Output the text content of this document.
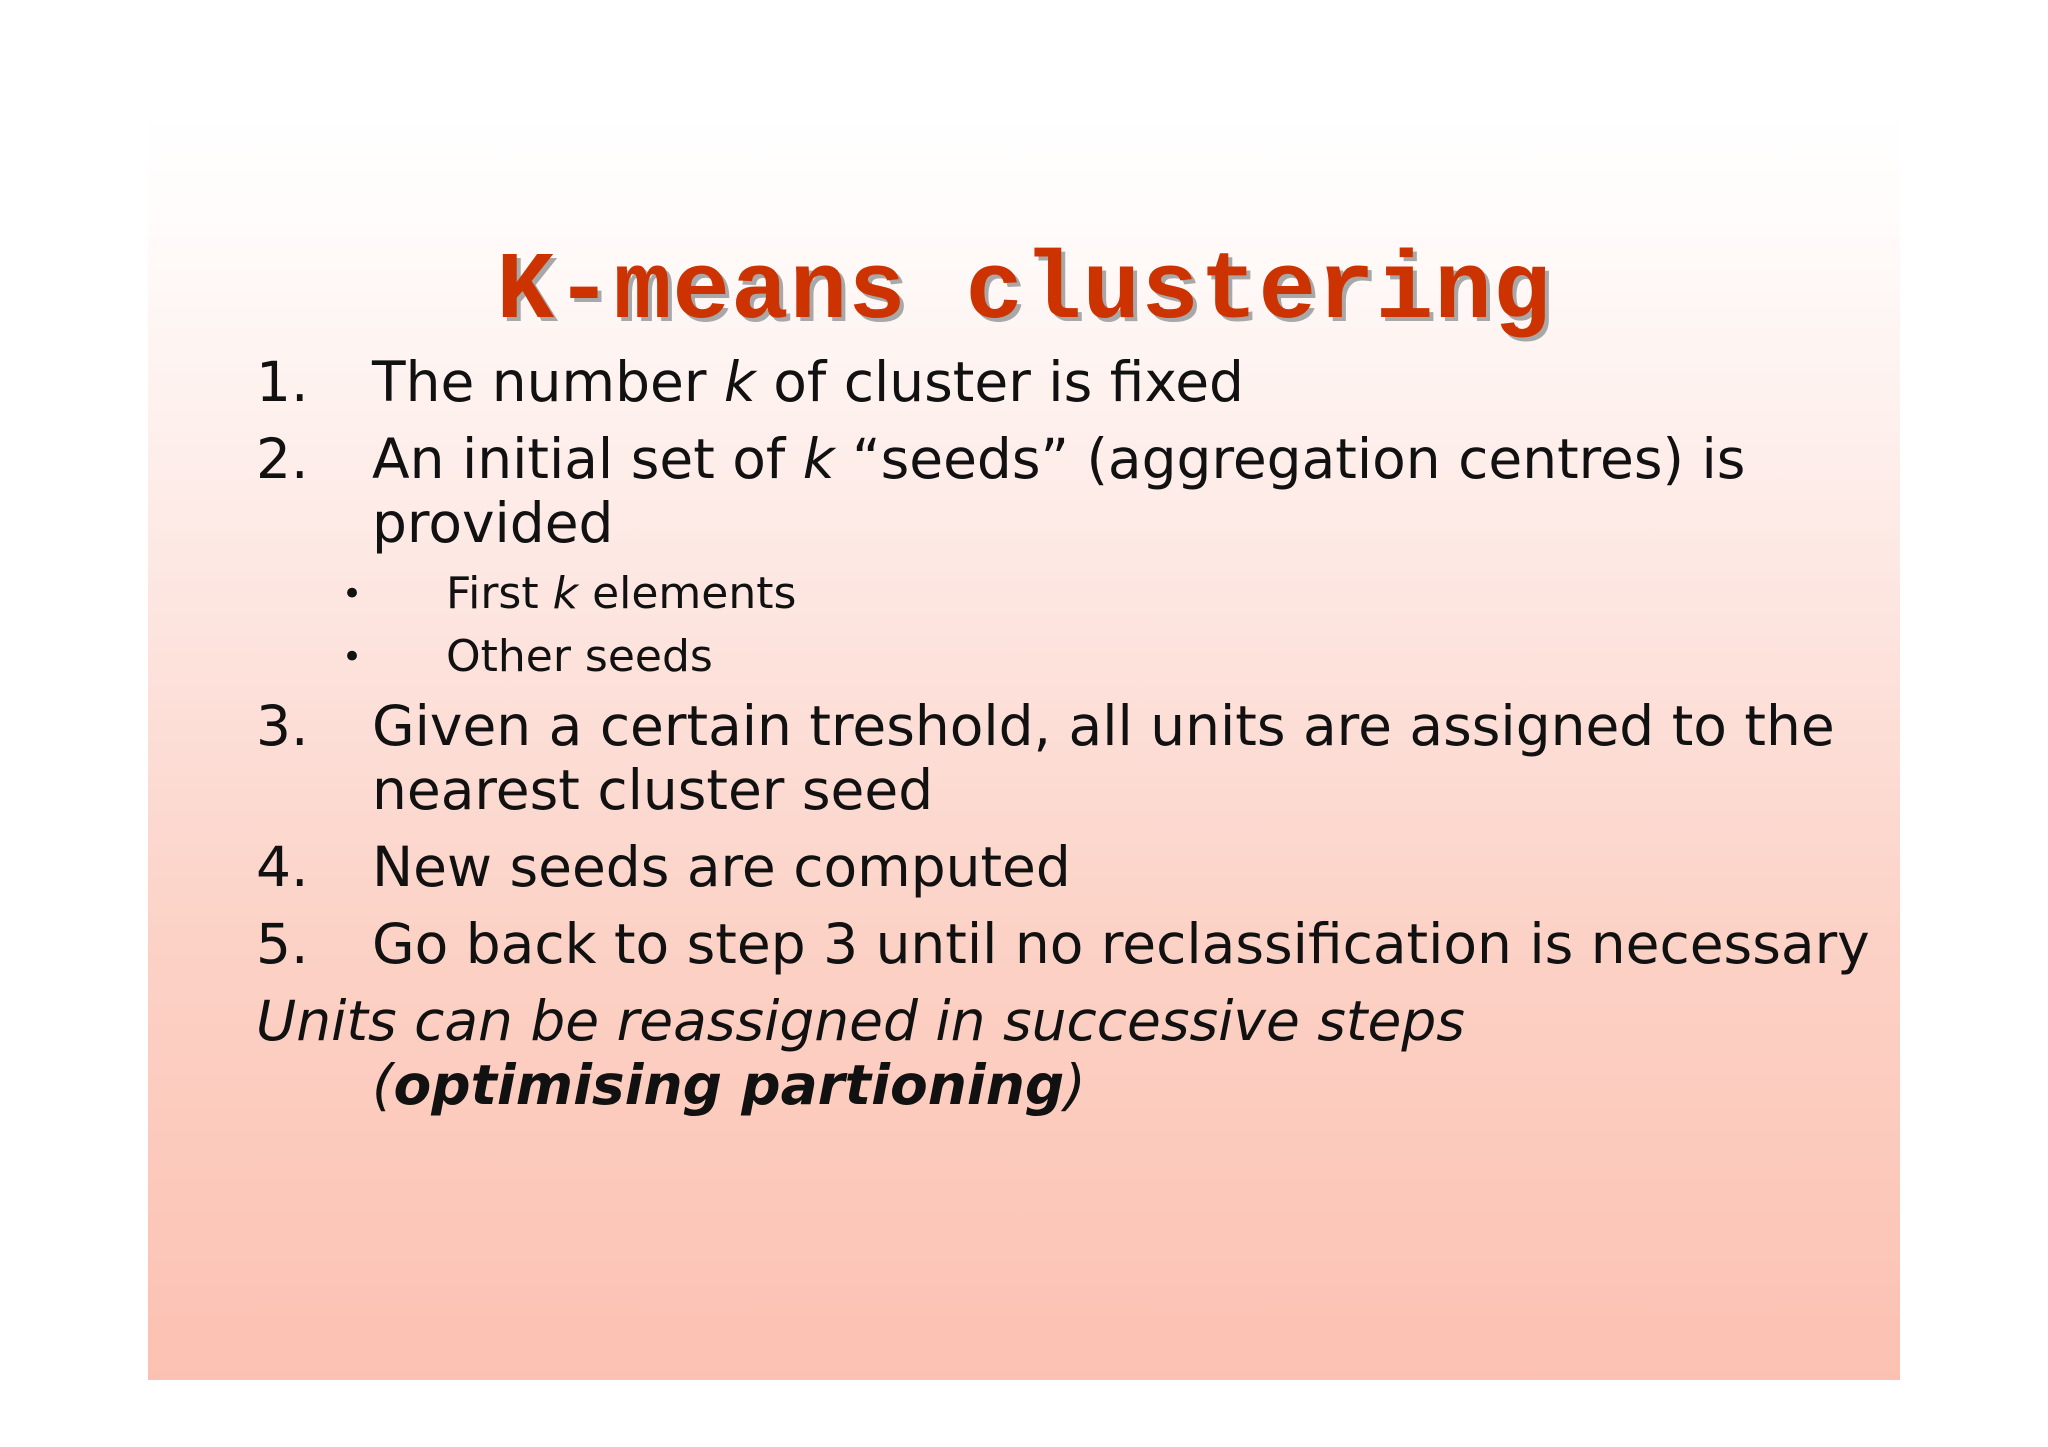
K-means clustering
1. The number k of cluster is fixed
2. An initial set of k “seeds” (aggregation centres) is provided
• First k elements
• Other seeds
3. Given a certain treshold, all units are assigned to the nearest cluster seed
4. New seeds are computed
5. Go back to step 3 until no reclassification is necessary
Units can be reassigned in successive steps
(optimising partioning)
